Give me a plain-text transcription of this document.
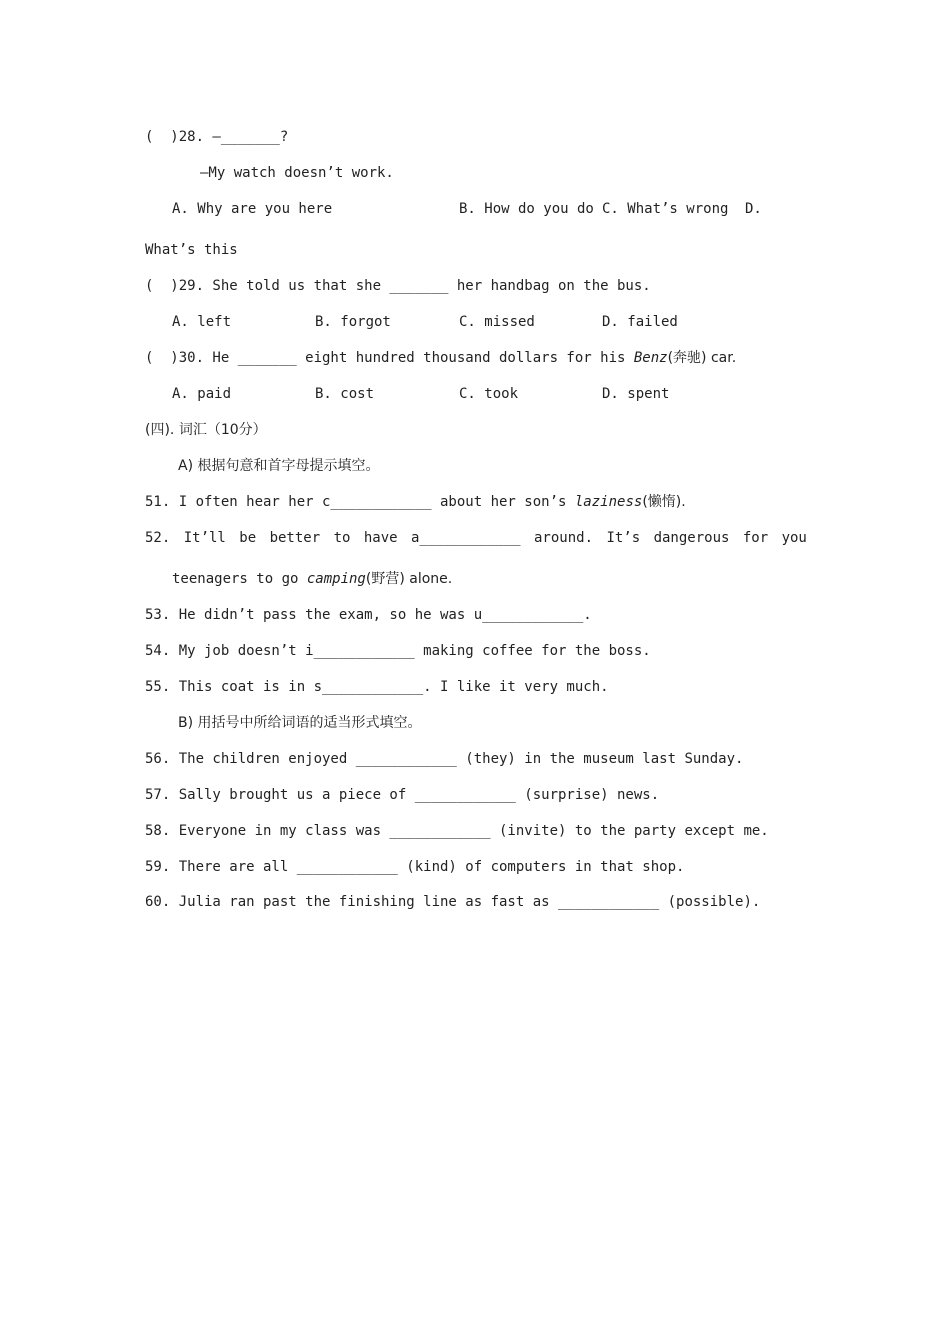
(  )28. —_______?
—My watch doesn’t work.
A. Why are you here	B. How do you do C. What’s wrong	D.
What’s this
(  )29. She told us that she _______ her handbag on the bus.
A. left	B. forgot	C. missed	D. failed
(  )30. He _______ eight hundred thousand dollars for his Benz(奔驰) car.
A. paid	B. cost	C. took	D. spent
(四). 词汇（10分）
A) 根据句意和首字母提示填空。
51. I often hear her c____________ about her son’s laziness(懒惰).
52. It’ll be better to have a____________ around. It’s dangerous for you
teenagers to go camping(野营) alone.
53. He didn’t pass the exam, so he was u____________.
54. My job doesn’t i____________ making coffee for the boss.
55. This coat is in s____________. I like it very much.
B) 用括号中所给词语的适当形式填空。
56. The children enjoyed ____________ (they) in the museum last Sunday.
57. Sally brought us a piece of ____________ (surprise) news.
58. Everyone in my class was ____________ (invite) to the party except me.
59. There are all ____________ (kind) of computers in that shop.
60. Julia ran past the finishing line as fast as ____________ (possible).
